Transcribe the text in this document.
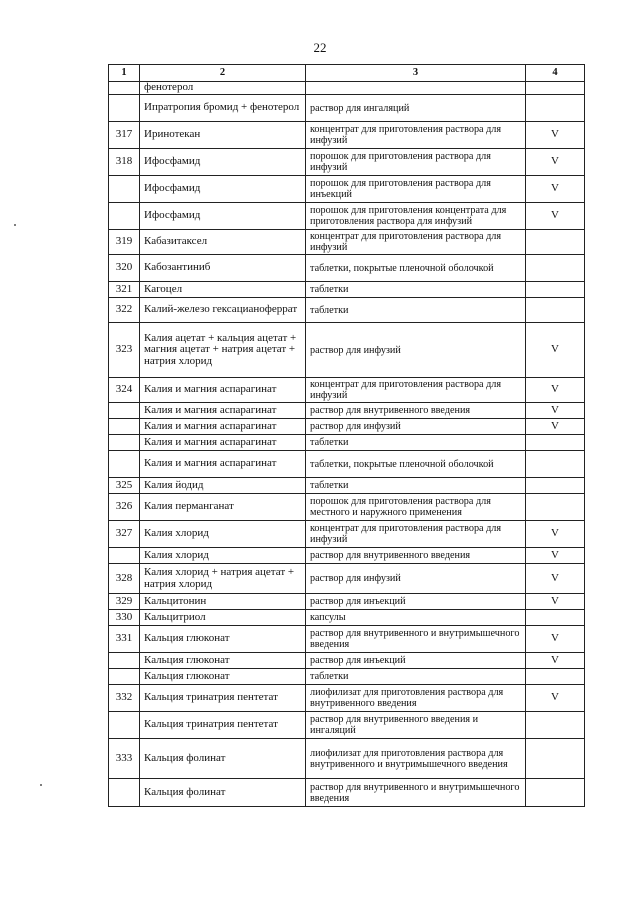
22
1	2	3	4
	фенотерол		
	Ипратропия бромид + фенотерол	раствор для ингаляций	
317	Иринотекан	концентрат для приготовления раствора для инфузий	V
318	Ифосфамид	порошок для приготовления раствора для инфузий	V
	Ифосфамид	порошок для приготовления раствора для инъекций	V
	Ифосфамид	порошок для приготовления концентрата для приготовления раствора для инфузий	V
319	Кабазитаксел	концентрат для приготовления раствора для инфузий	
320	Кабозантиниб	таблетки, покрытые пленочной оболочкой	
321	Кагоцел	таблетки	
322	Калий-железо гексацианоферрат	таблетки	
323	Калия ацетат + кальция ацетат + магния ацетат + натрия ацетат + натрия хлорид	раствор для инфузий	V
324	Калия и магния аспарагинат	концентрат для приготовления раствора для инфузий	V
	Калия и магния аспарагинат	раствор для внутривенного введения	V
	Калия и магния аспарагинат	раствор для инфузий	V
	Калия и магния аспарагинат	таблетки	
	Калия и магния аспарагинат	таблетки, покрытые пленочной оболочкой	
325	Калия йодид	таблетки	
326	Калия перманганат	порошок для приготовления раствора для местного и наружного применения	
327	Калия хлорид	концентрат для приготовления раствора для инфузий	V
	Калия хлорид	раствор для внутривенного введения	V
328	Калия хлорид + натрия ацетат + натрия хлорид	раствор для инфузий	V
329	Кальцитонин	раствор для инъекций	V
330	Кальцитриол	капсулы	
331	Кальция глюконат	раствор для внутривенного и внутримышечного введения	V
	Кальция глюконат	раствор для инъекций	V
	Кальция глюконат	таблетки	
332	Кальция тринатрия пентетат	лиофилизат для приготовления раствора для внутривенного введения	V
	Кальция тринатрия пентетат	раствор для внутривенного введения и ингаляций	
333	Кальция фолинат	лиофилизат для приготовления раствора для внутривенного и внутримышечного введения	
	Кальция фолинат	раствор для внутривенного и внутримышечного введения	
